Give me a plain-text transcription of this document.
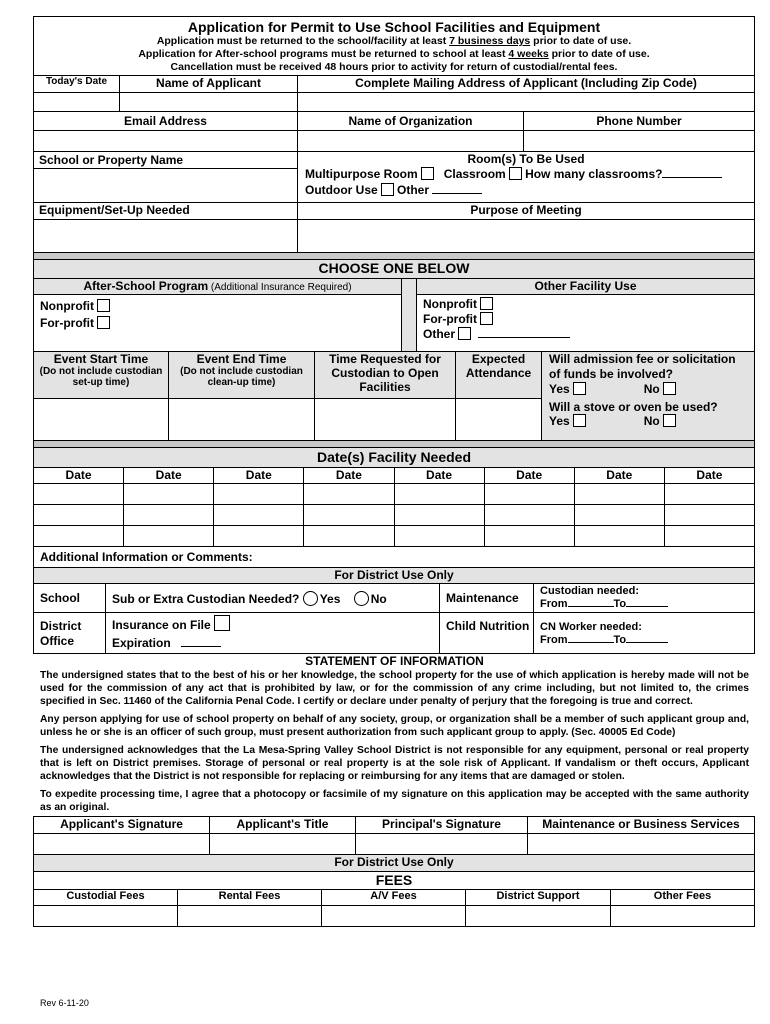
Application for Permit to Use School Facilities and Equipment
Application must be returned to the school/facility at least 7 business days prior to date of use.
Application for After-school programs must be returned to school at least 4 weeks prior to date of use.
Cancellation must be received 48 hours prior to activity for return of custodial/rental fees.
Today's Date	Name of Applicant	Complete Mailing Address of Applicant (Including Zip Code)
Email Address	Name of Organization	Phone Number
School or Property Name	Room(s) To Be Used
Multipurpose Room Classroom How many classrooms?
Outdoor Use Other
Equipment/Set-Up Needed	Purpose of Meeting
CHOOSE ONE BELOW
After-School Program (Additional Insurance Required)
Nonprofit
For-profit
Other Facility Use
Nonprofit
For-profit
Other
Event Start Time
(Do not include custodian set-up time)
Event End Time
(Do not include custodian clean-up time)
Time Requested for Custodian to Open Facilities
Expected Attendance
Will admission fee or solicitation of funds be involved?
Yes	No
Will a stove or oven be used?
Yes	No
Date(s) Facility Needed
Date	Date	Date	Date	Date	Date	Date	Date
Additional Information or Comments:
For District Use Only
School	Sub or Extra Custodian Needed? Yes	No	Maintenance	Custodian needed:
From	To
District Office
Insurance on File
Expiration
Child Nutrition CN Worker needed:
From	To
STATEMENT OF INFORMATION

The undersigned states that to the best of his or her knowledge, the school property for the use of which application is hereby made will not be used for the commission of any act that is prohibited by law, or for the commission of any crime including, but not limited to, the crimes specified in Sec. 11460 of the California Penal Code. I certify or declare under penalty of perjury that the foregoing is true and correct.

Any person applying for use of school property on behalf of any society, group, or organization shall be a member of such applicant group and, unless he or she is an officer of such group, must present authorization from such applicant group to apply. (Sec. 40005 Ed Code)

The undersigned acknowledges that the La Mesa-Spring Valley School District is not responsible for any equipment, personal or real property that is left on District premises. Storage of personal or real property is at the sole risk of Applicant. If vandalism or theft occurs, Applicant acknowledges that the District is not responsible for replacing or reimbursing for any items that are damaged or stolen.

To expedite processing time, I agree that a photocopy or facsimile of my signature on this application may be accepted with the same authority as an original.

Applicant's Signature	Applicant's Title	Principal's Signature	Maintenance or Business Services
For District Use Only
FEES
Custodial Fees	Rental Fees	A/V Fees	District Support	Other Fees
Rev 6-11-20
